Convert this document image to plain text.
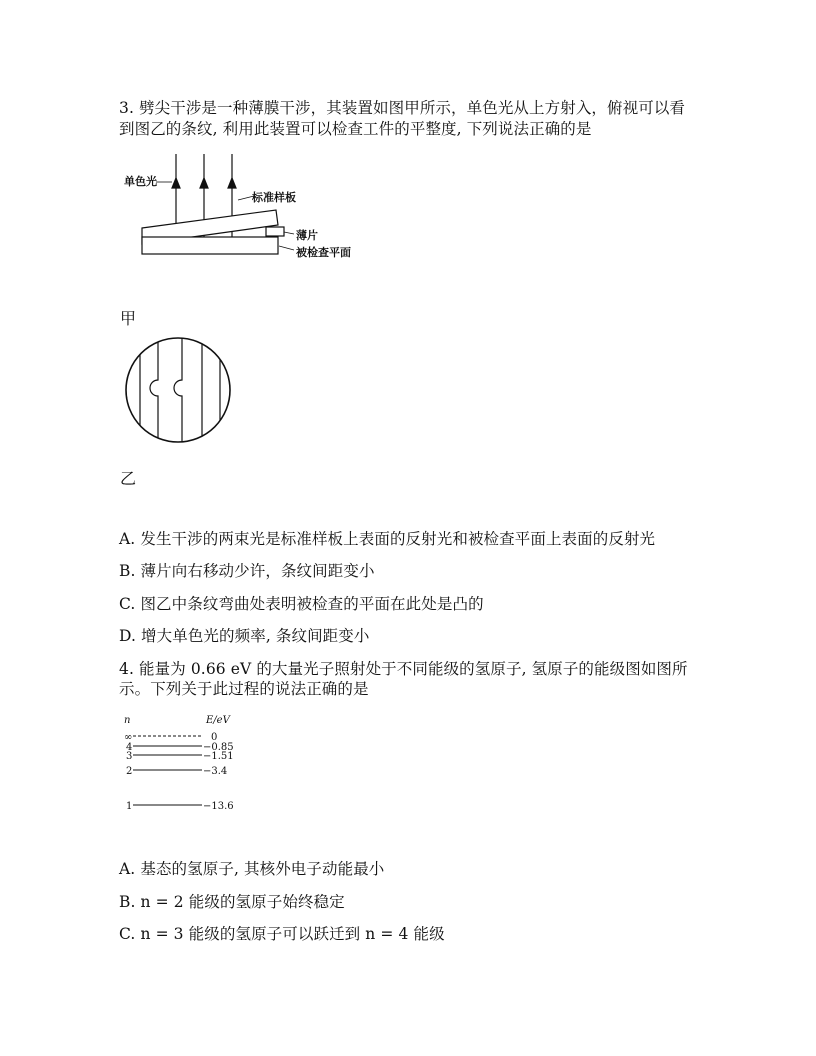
3. 劈尖干涉是一种薄膜干涉，其装置如图甲所示，单色光从上方射入，俯视可以看
到图乙的条纹, 利用此装置可以检查工件的平整度, 下列说法正确的是
单色光
标准样板
薄片
被检查平面
甲
乙
A. 发生干涉的两束光是标准样板上表面的反射光和被检查平面上表面的反射光
B. 薄片向右移动少许，条纹间距变小
C. 图乙中条纹弯曲处表明被检查的平面在此处是凸的
D. 增大单色光的频率, 条纹间距变小
4. 能量为 0.66 eV 的大量光子照射处于不同能级的氢原子, 氢原子的能级图如图所
示。下列关于此过程的说法正确的是
n	E/eV
∞	0
4	−0.85
3	−1.51
2	−3.4
1	−13.6
A. 基态的氢原子, 其核外电子动能最小
B. n = 2 能级的氢原子始终稳定
C. n = 3 能级的氢原子可以跃迁到 n = 4 能级
